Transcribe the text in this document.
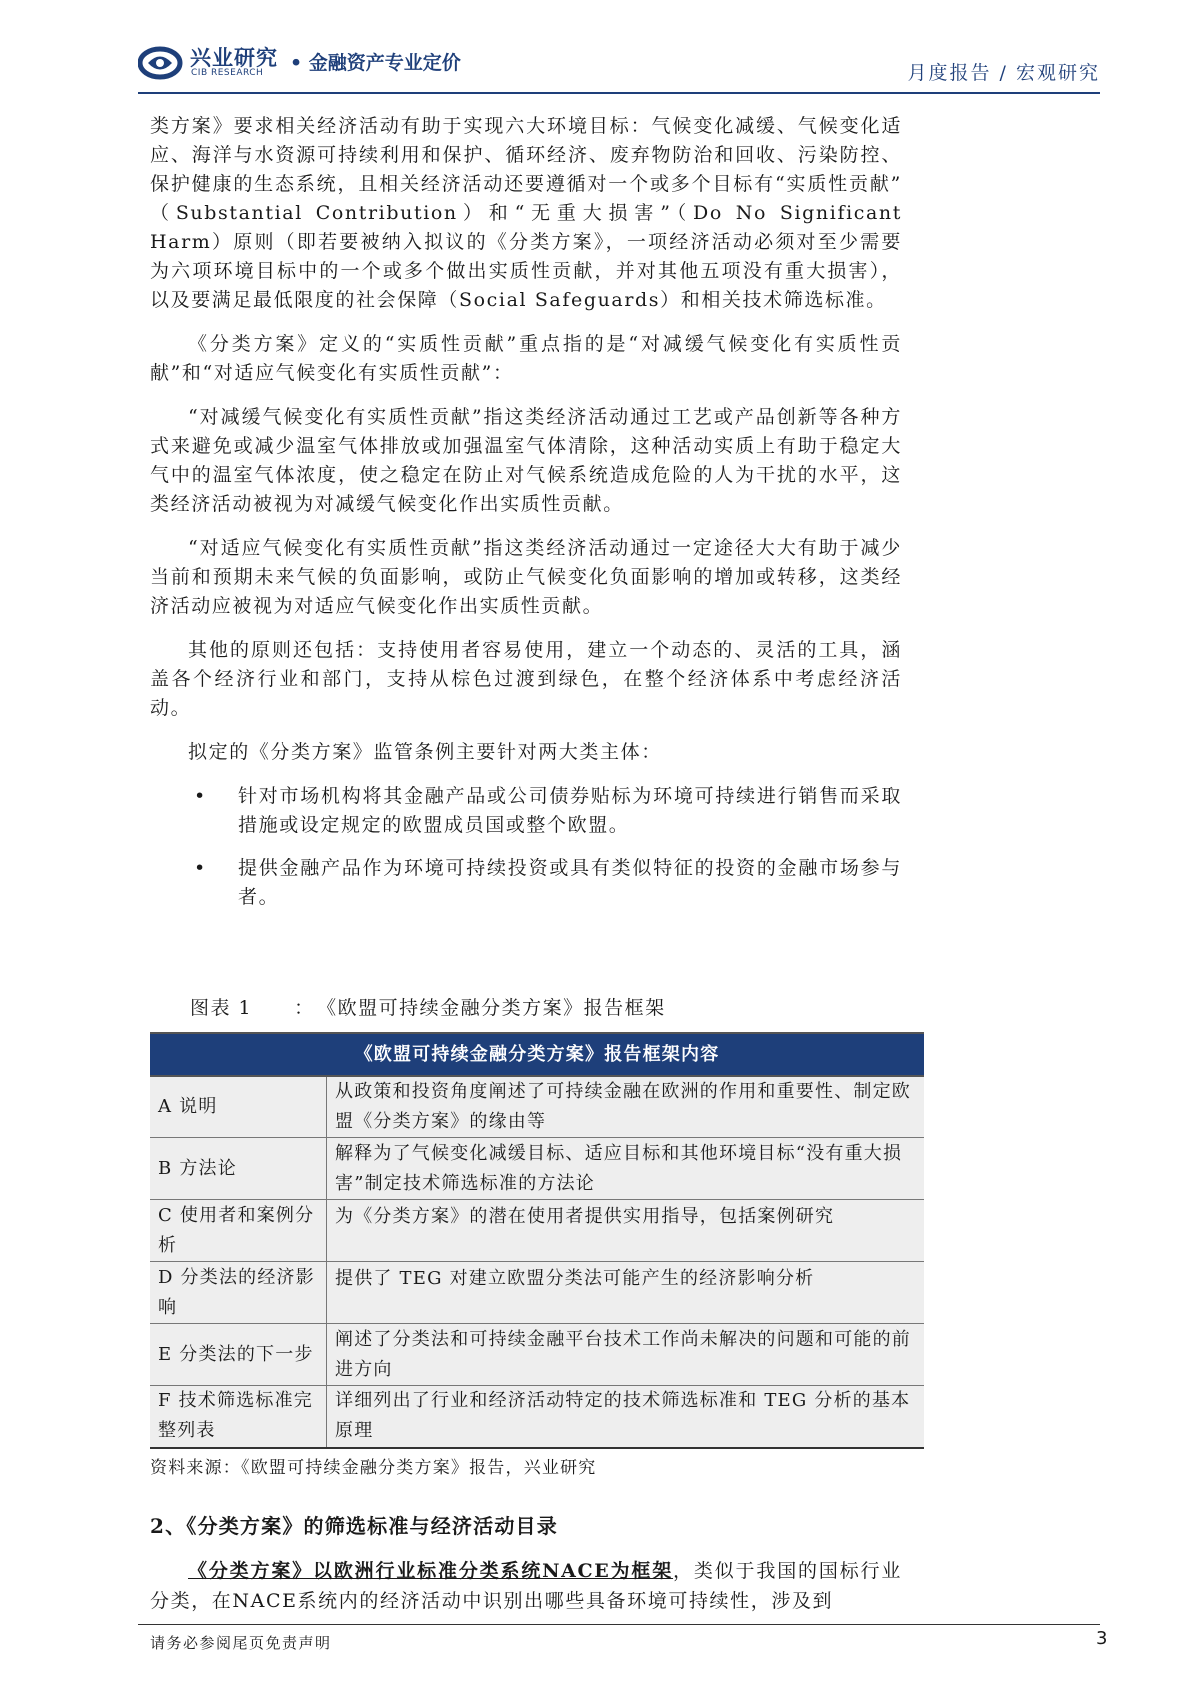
兴业研究
CIB RESEARCH • 金融资产专业定价	月度报告 / 宏观研究

类方案》要求相关经济活动有助于实现六大环境目标：气候变化减缓、气候变化适应、海洋与水资源可持续利用和保护、循环经济、废弃物防治和回收、污染防控、保护健康的生态系统，且相关经济活动还要遵循对一个或多个目标有“实质性贡献” （Substantial Contribution）和“无重大损害”（Do No Significant Harm）原则（即若要被纳入拟议的《分类方案》，一项经济活动必须对至少需要为六项环境目标中的一个或多个做出实质性贡献，并对其他五项没有重大损害），以及要满足最低限度的社会保障（Social Safeguards）和相关技术筛选标准。

《分类方案》定义的“实质性贡献”重点指的是“对减缓气候变化有实质性贡献”和“对适应气候变化有实质性贡献”：

“对减缓气候变化有实质性贡献”指这类经济活动通过工艺或产品创新等各种方式来避免或减少温室气体排放或加强温室气体清除，这种活动实质上有助于稳定大气中的温室气体浓度，使之稳定在防止对气候系统造成危险的人为干扰的水平，这类经济活动被视为对减缓气候变化作出实质性贡献。

“对适应气候变化有实质性贡献”指这类经济活动通过一定途径大大有助于减少当前和预期未来气候的负面影响，或防止气候变化负面影响的增加或转移，这类经济活动应被视为对适应气候变化作出实质性贡献。

其他的原则还包括：支持使用者容易使用，建立一个动态的、灵活的工具，涵盖各个经济行业和部门，支持从棕色过渡到绿色，在整个经济体系中考虑经济活动。

拟定的《分类方案》监管条例主要针对两大类主体：

• 针对市场机构将其金融产品或公司债券贴标为环境可持续进行销售而采取措施或设定规定的欧盟成员国或整个欧盟。
• 提供金融产品作为环境可持续投资或具有类似特征的投资的金融市场参与者。
图表 1 ： 《欧盟可持续金融分类方案》报告框架
《欧盟可持续金融分类方案》报告框架内容	
A 说明	从政策和投资角度阐述了可持续金融在欧洲的作用和重要性、制定欧盟《分类方案》的缘由等
B 方法论	解释为了气候变化减缓目标、适应目标和其他环境目标“没有重大损害”制定技术筛选标准的方法论
C 使用者和案例分析	为《分类方案》的潜在使用者提供实用指导，包括案例研究
D 分类法的经济影响	提供了 TEG 对建立欧盟分类法可能产生的经济影响分析
E 分类法的下一步	阐述了分类法和可持续金融平台技术工作尚未解决的问题和可能的前进方向
F 技术筛选标准完整列表	详细列出了行业和经济活动特定的技术筛选标准和 TEG 分析的基本原理
资料来源：《欧盟可持续金融分类方案》报告，兴业研究
2、《分类方案》的筛选标准与经济活动目录

《分类方案》以欧洲行业标准分类系统NACE为框架，类似于我国的国标行业分类，在NACE系统内的经济活动中识别出哪些具备环境可持续性，涉及到

请务必参阅尾页免责声明	3
